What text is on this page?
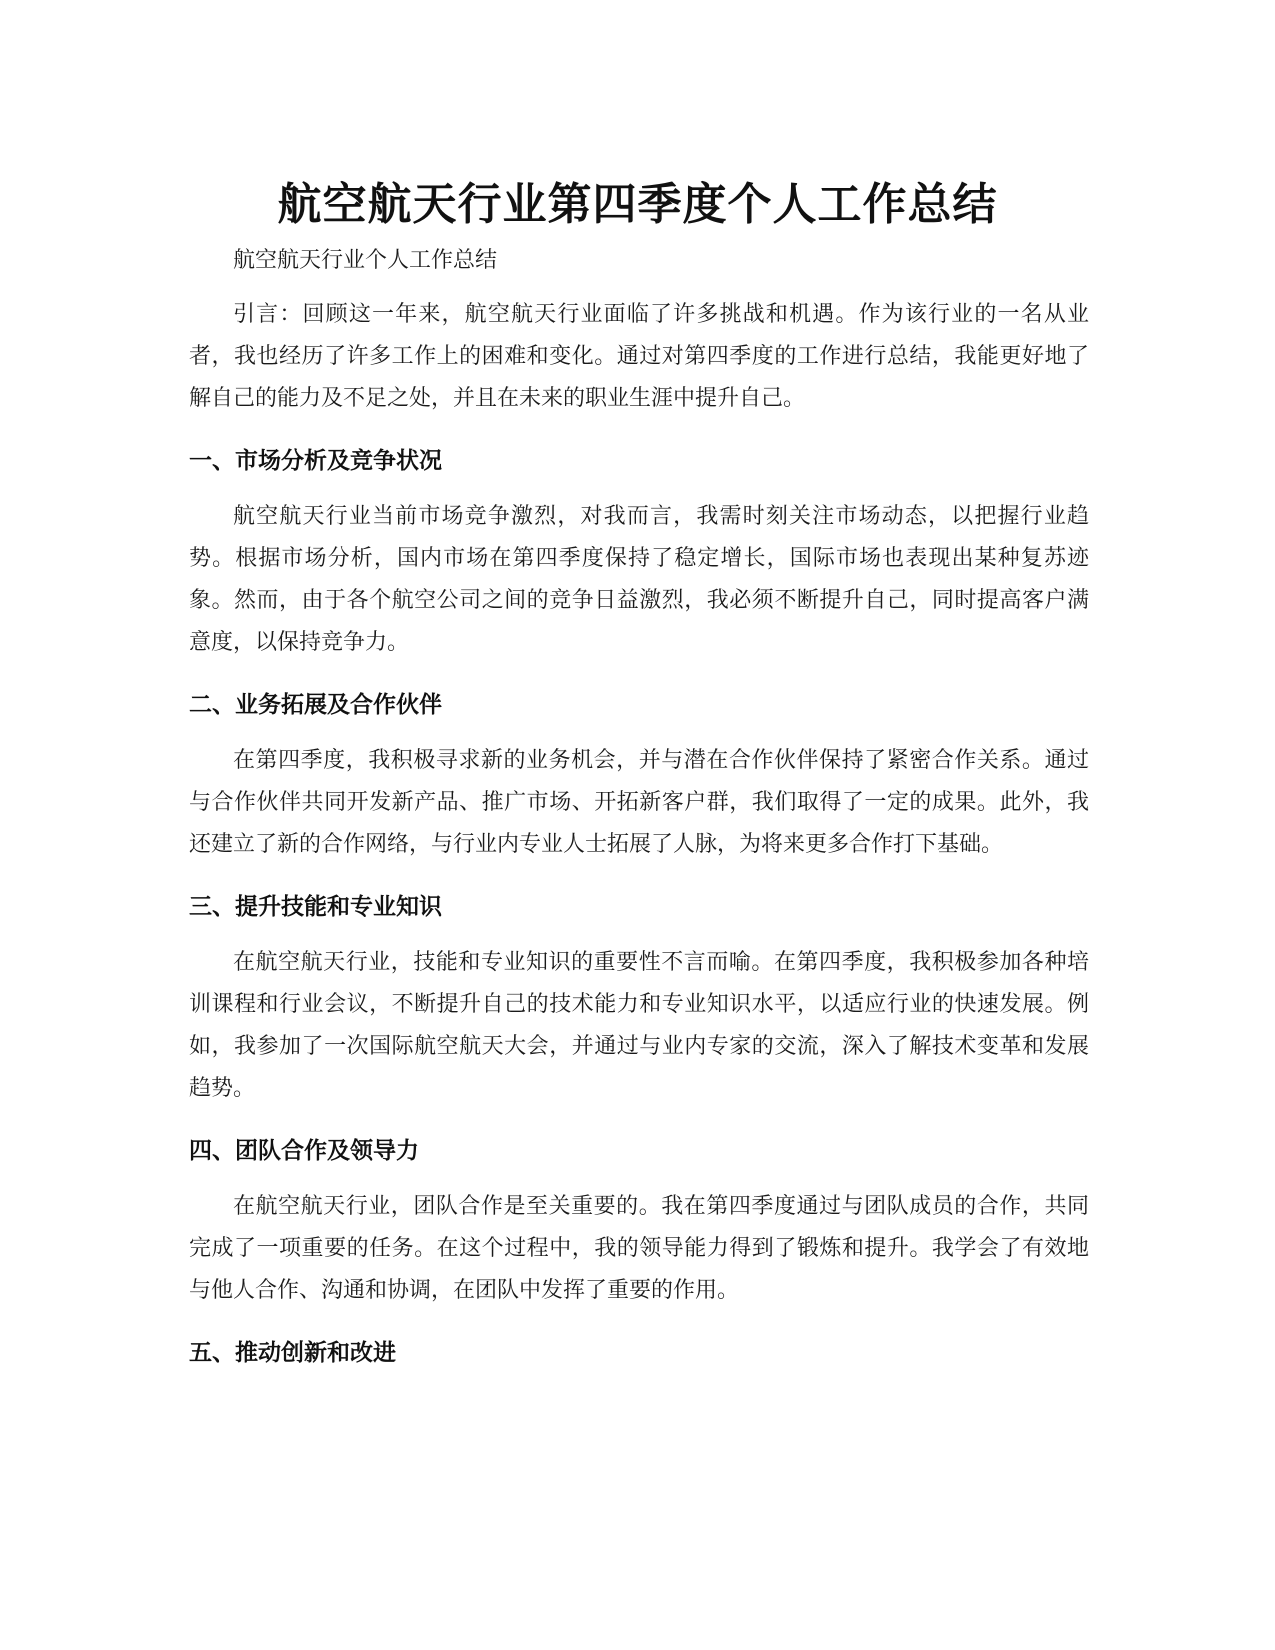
航空航天行业第四季度个人工作总结

航空航天行业个人工作总结

引言：回顾这一年来，航空航天行业面临了许多挑战和机遇。作为该行业的一名从业者，我也经历了许多工作上的困难和变化。通过对第四季度的工作进行总结，我能更好地了解自己的能力及不足之处，并且在未来的职业生涯中提升自己。

一、市场分析及竞争状况

航空航天行业当前市场竞争激烈，对我而言，我需时刻关注市场动态，以把握行业趋势。根据市场分析，国内市场在第四季度保持了稳定增长，国际市场也表现出某种复苏迹象。然而，由于各个航空公司之间的竞争日益激烈，我必须不断提升自己，同时提高客户满意度，以保持竞争力。

二、业务拓展及合作伙伴

在第四季度，我积极寻求新的业务机会，并与潜在合作伙伴保持了紧密合作关系。通过与合作伙伴共同开发新产品、推广市场、开拓新客户群，我们取得了一定的成果。此外，我还建立了新的合作网络，与行业内专业人士拓展了人脉，为将来更多合作打下基础。

三、提升技能和专业知识

在航空航天行业，技能和专业知识的重要性不言而喻。在第四季度，我积极参加各种培训课程和行业会议，不断提升自己的技术能力和专业知识水平，以适应行业的快速发展。例如，我参加了一次国际航空航天大会，并通过与业内专家的交流，深入了解技术变革和发展趋势。

四、团队合作及领导力

在航空航天行业，团队合作是至关重要的。我在第四季度通过与团队成员的合作，共同完成了一项重要的任务。在这个过程中，我的领导能力得到了锻炼和提升。我学会了有效地与他人合作、沟通和协调，在团队中发挥了重要的作用。

五、推动创新和改进
